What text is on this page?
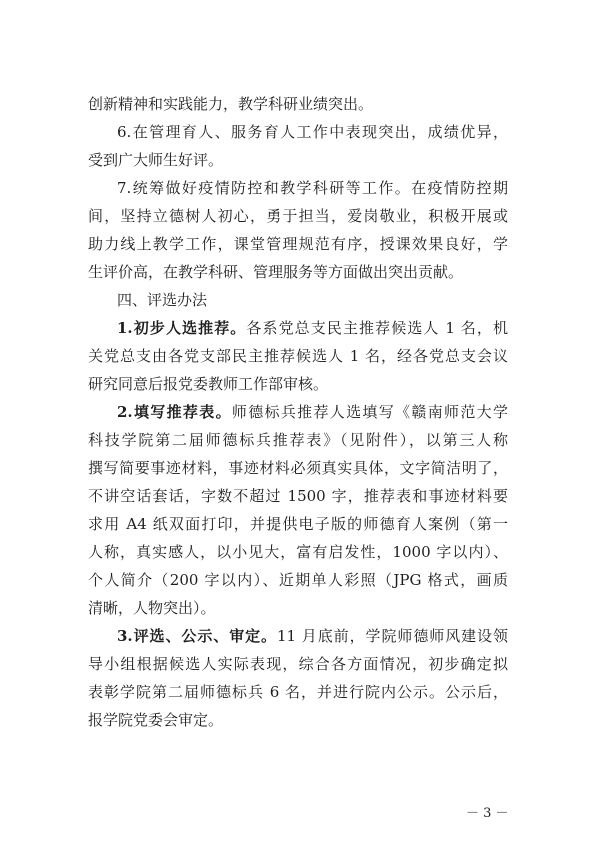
创新精神和实践能力，教学科研业绩突出。
6.在管理育人、服务育人工作中表现突出，成绩优异，
受到广大师生好评。
7.统筹做好疫情防控和教学科研等工作。在疫情防控期
间，坚持立德树人初心，勇于担当，爱岗敬业，积极开展或
助力线上教学工作，课堂管理规范有序，授课效果良好，学
生评价高，在教学科研、管理服务等方面做出突出贡献。
四、评选办法
1.初步人选推荐。各系党总支民主推荐候选人 1 名，机
关党总支由各党支部民主推荐候选人 1 名，经各党总支会议
研究同意后报党委教师工作部审核。
2.填写推荐表。师德标兵推荐人选填写《赣南师范大学
科技学院第二届师德标兵推荐表》（见附件），以第三人称
撰写简要事迹材料，事迹材料必须真实具体，文字简洁明了，
不讲空话套话，字数不超过 1500 字，推荐表和事迹材料要
求用 A4 纸双面打印，并提供电子版的师德育人案例（第一
人称，真实感人，以小见大，富有启发性，1000 字以内）、
个人简介（200 字以内）、近期单人彩照（JPG 格式，画质
清晰，人物突出）。
3.评选、公示、审定。11 月底前，学院师德师风建设领
导小组根据候选人实际表现，综合各方面情况，初步确定拟
表彰学院第二届师德标兵 6 名，并进行院内公示。公示后，
报学院党委会审定。
－ 3 －
